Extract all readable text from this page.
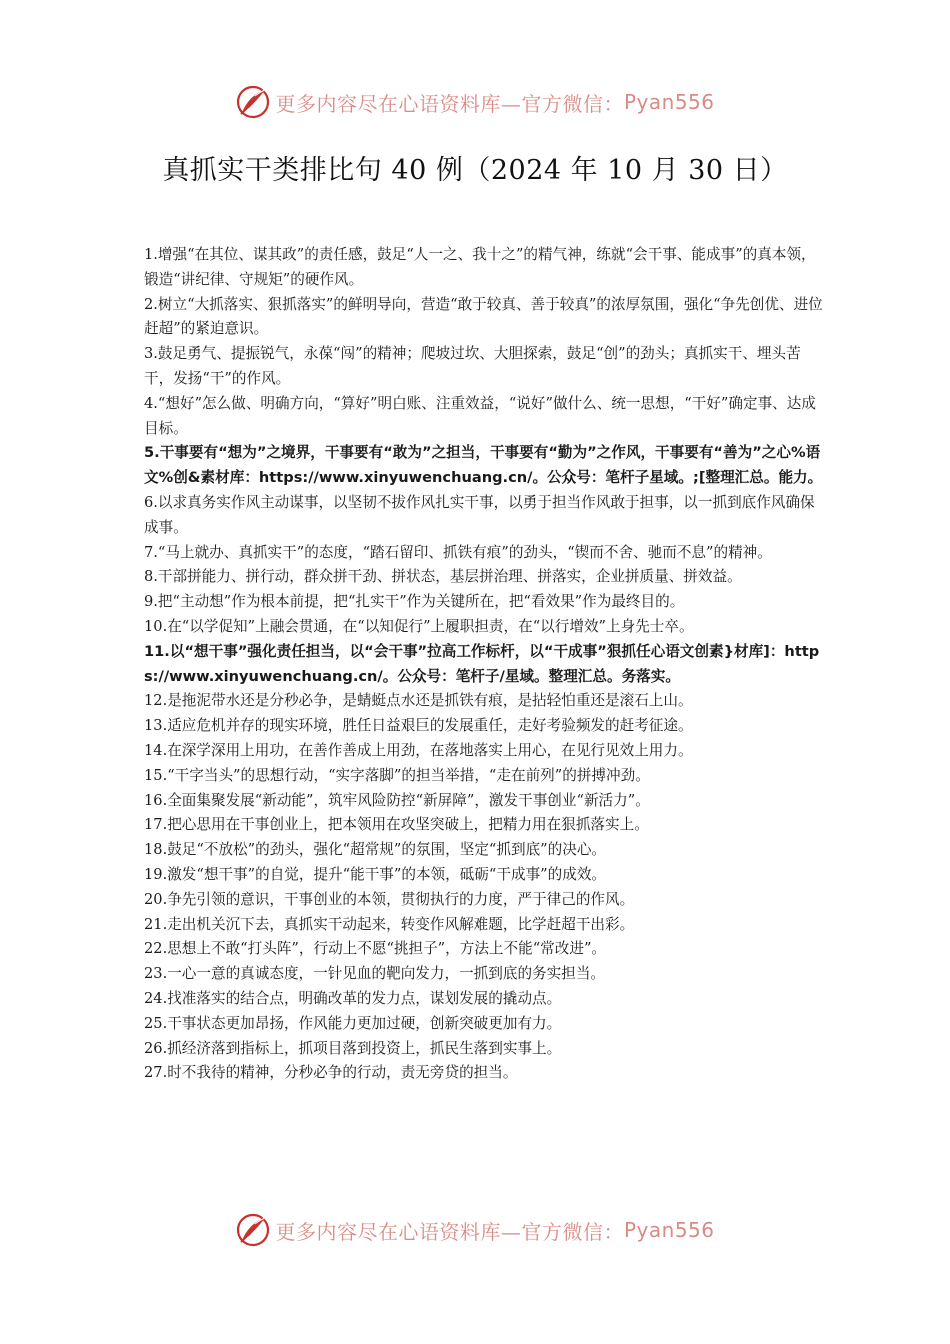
更多内容尽在心语资料库—官方微信： Pyan556
真抓实干类排比句 40 例（2024 年 10 月 30 日）

1.增强“在其位、谋其政”的责任感，鼓足“人一之、我十之”的精气神，练就“会干事、能成事”的真本领，锻造“讲纪律、守规矩”的硬作风。

2.树立“大抓落实、狠抓落实”的鲜明导向，营造“敢于较真、善于较真”的浓厚氛围，强化“争先创优、进位赶超”的紧迫意识。

3.鼓足勇气、提振锐气，永葆“闯”的精神；爬坡过坎、大胆探索，鼓足“创”的劲头；真抓实干、埋头苦干，发扬“干”的作风。

4.“想好”怎么做、明确方向，“算好”明白账、注重效益，“说好”做什么、统一思想，“干好”确定事、达成目标。

5.干事要有“想为”之境界，干事要有“敢为”之担当，干事要有“勤为”之作风，干事要有“善为”之心%语文%创&素材库：https://www.xinyuwenchuang.cn/。公众号：笔杆子星域。;[整理汇总。能力。

6.以求真务实作风主动谋事，以坚韧不拔作风扎实干事，以勇于担当作风敢于担事，以一抓到底作风确保成事。

7.“马上就办、真抓实干”的态度，“踏石留印、抓铁有痕”的劲头，“锲而不舍、驰而不息”的精神。

8.干部拼能力、拼行动，群众拼干劲、拼状态，基层拼治理、拼落实，企业拼质量、拼效益。

9.把“主动想”作为根本前提，把“扎实干”作为关键所在，把“看效果”作为最终目的。

10.在“以学促知”上融会贯通，在“以知促行”上履职担责，在“以行增效”上身先士卒。

11.以“想干事”强化责任担当，以“会干事”拉高工作标杆，以“干成事”狠抓任心语文创素}材库]：https://www.xinyuwenchuang.cn/。公众号：笔杆子/星域。整理汇总。务落实。

12.是拖泥带水还是分秒必争，是蜻蜓点水还是抓铁有痕，是拈轻怕重还是滚石上山。

13.适应危机并存的现实环境，胜任日益艰巨的发展重任，走好考验频发的赶考征途。

14.在深学深用上用功，在善作善成上用劲，在落地落实上用心，在见行见效上用力。

15.“干字当头”的思想行动，“实字落脚”的担当举措，“走在前列”的拼搏冲劲。

16.全面集聚发展“新动能”，筑牢风险防控“新屏障”，激发干事创业“新活力”。

17.把心思用在干事创业上，把本领用在攻坚突破上，把精力用在狠抓落实上。

18.鼓足“不放松”的劲头，强化“超常规”的氛围，坚定“抓到底”的决心。

19.激发“想干事”的自觉，提升“能干事”的本领，砥砺“干成事”的成效。

20.争先引领的意识，干事创业的本领，贯彻执行的力度，严于律己的作风。

21.走出机关沉下去，真抓实干动起来，转变作风解难题，比学赶超干出彩。

22.思想上不敢“打头阵”，行动上不愿“挑担子”，方法上不能“常改进”。

23.一心一意的真诚态度，一针见血的靶向发力，一抓到底的务实担当。

24.找准落实的结合点，明确改革的发力点，谋划发展的撬动点。

25.干事状态更加昂扬，作风能力更加过硬，创新突破更加有力。

26.抓经济落到指标上，抓项目落到投资上，抓民生落到实事上。

27.时不我待的精神，分秒必争的行动，责无旁贷的担当。

更多内容尽在心语资料库—官方微信： Pyan556
